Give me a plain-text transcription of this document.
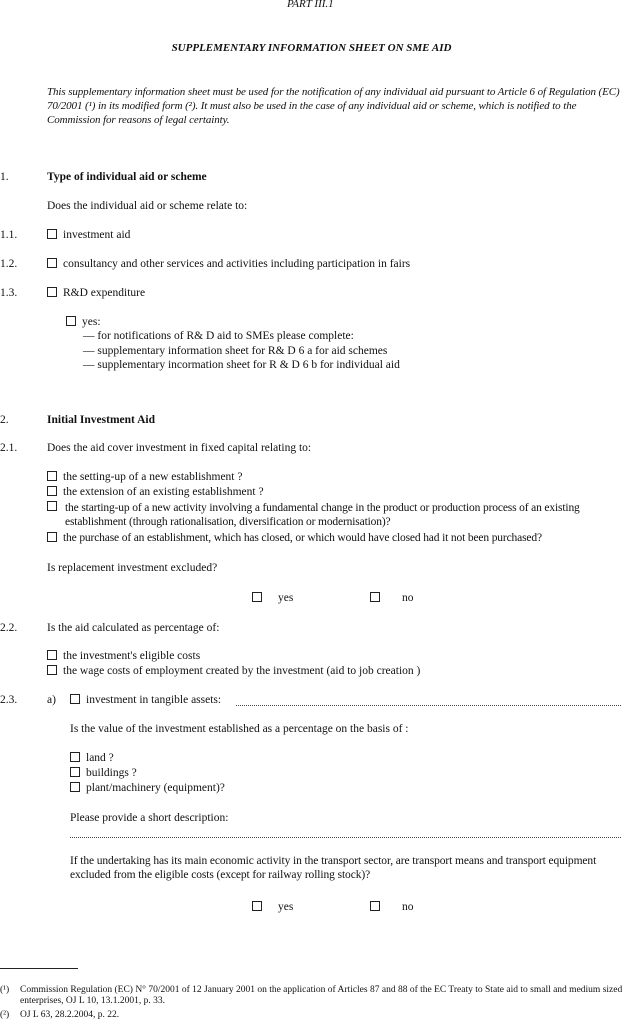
PART III.1
SUPPLEMENTARY INFORMATION SHEET ON SME AID
This supplementary information sheet must be used for the notification of any individual aid pursuant to Article 6 of Regulation (EC) 70/2001 (¹) in its modified form (²). It must also be used in the case of any individual aid or scheme, which is notified to the Commission for reasons of legal certainty.
1.	Type of individual aid or scheme
Does the individual aid or scheme relate to:
1.1.	investment aid
1.2.	consultancy and other services and activities including participation in fairs
1.3.	R&D expenditure
yes:
— for notifications of R& D aid to SMEs please complete:
— supplementary information sheet for R& D 6 a for aid schemes
— supplementary incormation sheet for R & D 6 b for individual aid
2.	Initial Investment Aid
2.1.	Does the aid cover investment in fixed capital relating to:
the setting-up of a new establishment ?
the extension of an existing establishment ?
the starting-up of a new activity involving a fundamental change in the product or production process of an existing establishment (through rationalisation, diversification or modernisation)?
the purchase of an establishment, which has closed, or which would have closed had it not been purchased?
Is replacement investment excluded?
yes	no
2.2.	Is the aid calculated as percentage of:
the investment's eligible costs
the wage costs of employment created by the investment (aid to job creation )
2.3.	a)	investment in tangible assets:
Is the value of the investment established as a percentage on the basis of :
land ?
buildings ?
plant/machinery (equipment)?
Please provide a short description:
If the undertaking has its main economic activity in the transport sector, are transport means and transport equipment excluded from the eligible costs (except for railway rolling stock)?
yes	no
(¹) Commission Regulation (EC) N° 70/2001 of 12 January 2001 on the application of Articles 87 and 88 of the EC Treaty to State aid to small and medium sized enterprises, OJ L 10, 13.1.2001, p. 33.
(²) OJ L 63, 28.2.2004, p. 22.
